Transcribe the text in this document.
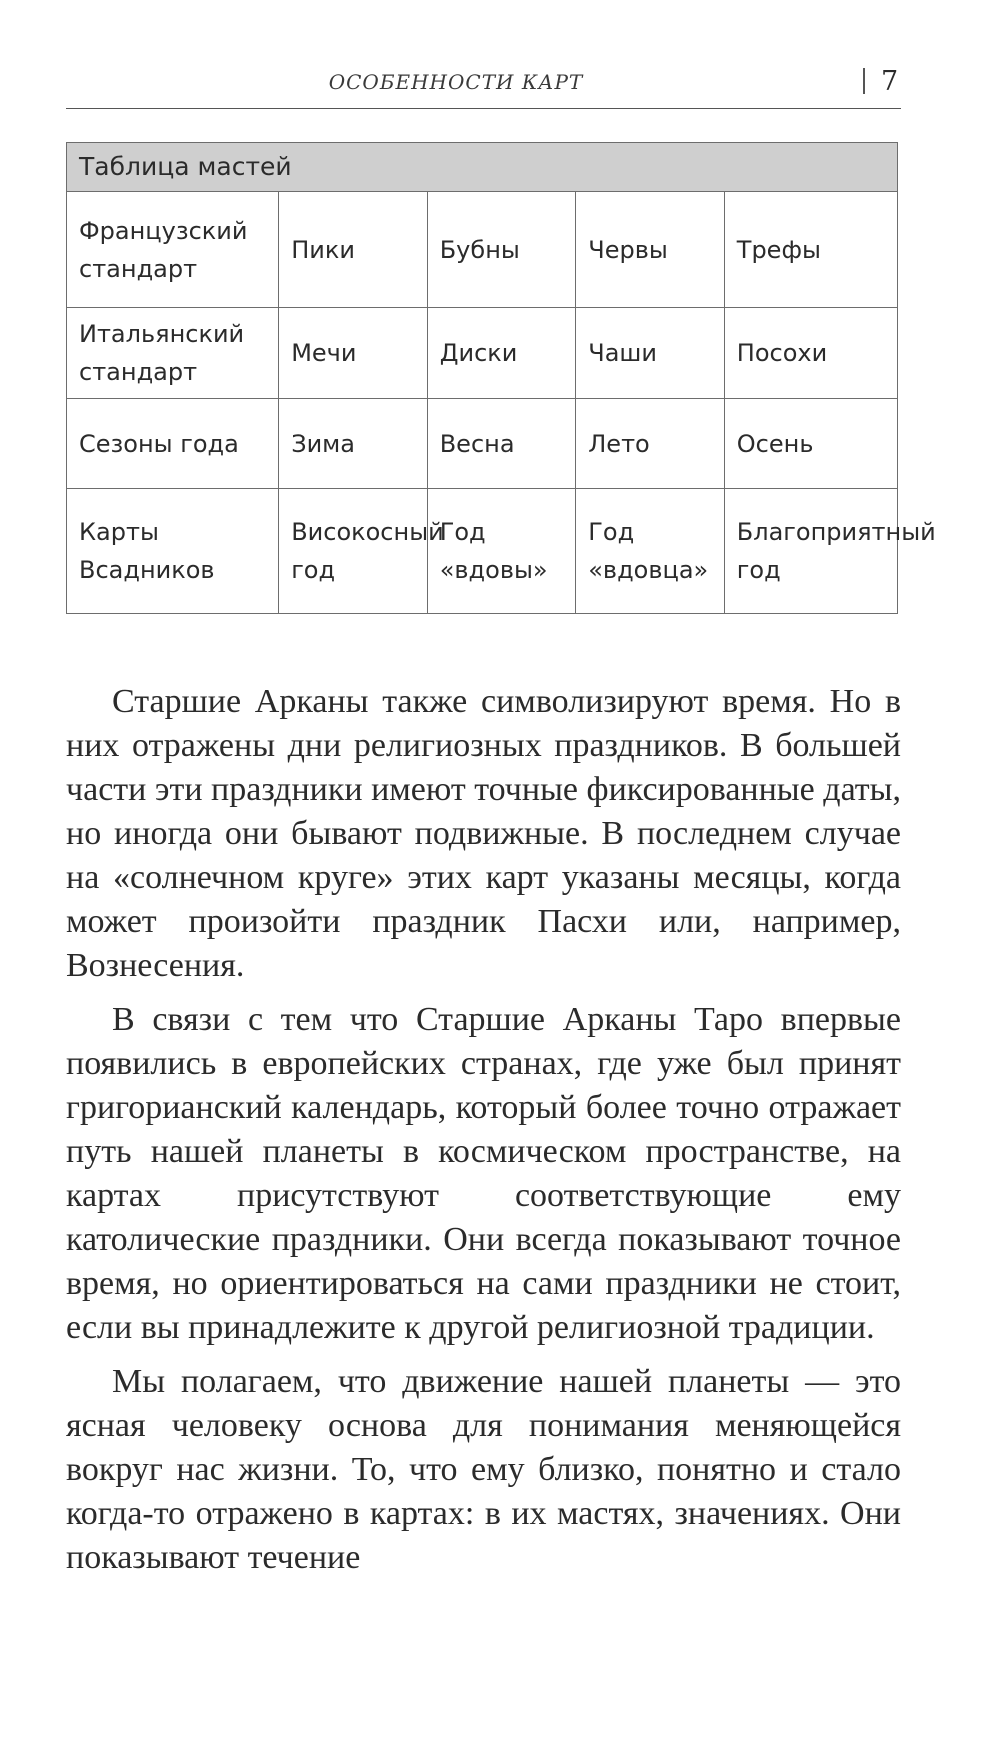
ОСОБЕННОСТИ КАРТ	7
Таблица мастей				
Французский стандарт	Пики	Бубны	Червы	Трефы
Итальянский стандарт	Мечи	Диски	Чаши	Посохи
Сезоны года	Зима	Весна	Лето	Осень
Карты Всадников	Високосный год	Год «вдовы»	Год «вдовца»	Благоприятный год

Старшие Арканы также символизируют время. Но в них отражены дни религиозных праздников. В большей части эти праздники имеют точные фиксированные даты, но иногда они бывают подвижные. В последнем случае на «солнечном круге» этих карт указаны месяцы, когда может произойти праздник Пасхи или, например, Вознесения.

В связи с тем что Старшие Арканы Таро впервые появились в европейских странах, где уже был принят григорианский календарь, который более точно отражает путь нашей планеты в космическом пространстве, на картах присутствуют соответствующие ему католические праздники. Они всегда показывают точное время, но ориентироваться на сами праздники не стоит, если вы принадлежите к другой религиозной традиции.

Мы полагаем, что движение нашей планеты — это ясная человеку основа для понимания меняющейся вокруг нас жизни. То, что ему близко, понятно и стало когда-то отражено в картах: в их мастях, значениях. Они показывают течение
